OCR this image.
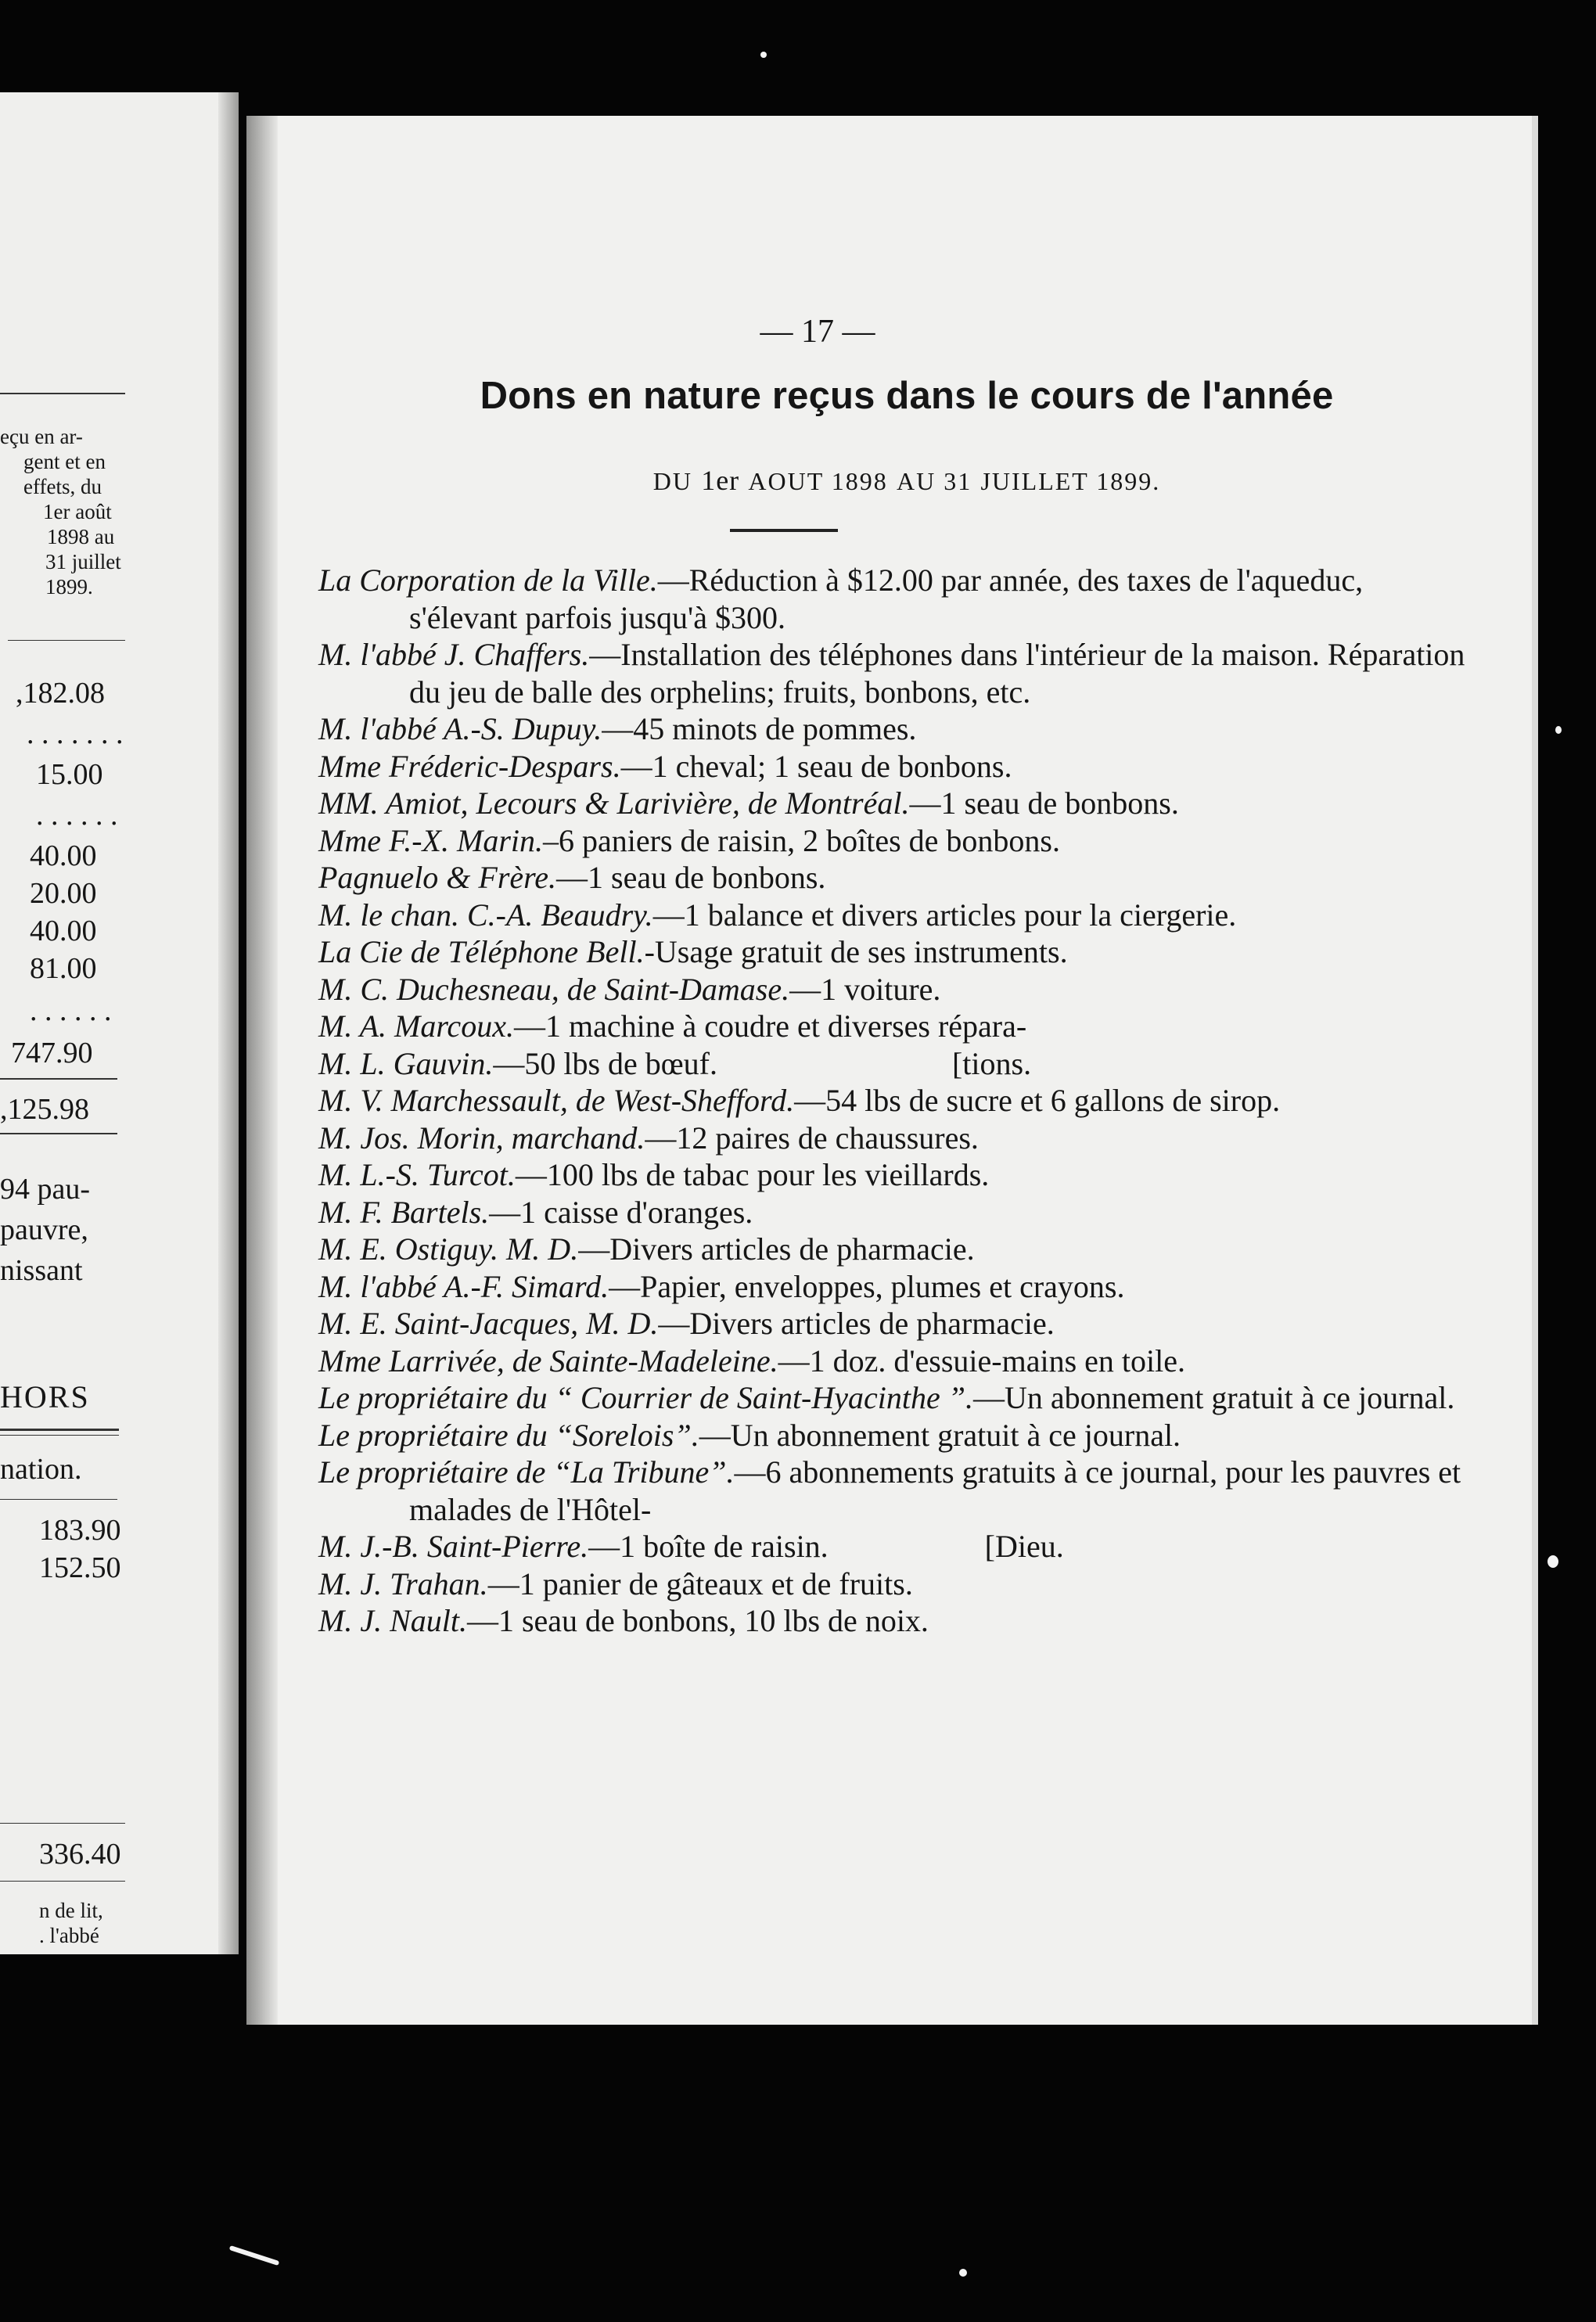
eçu en ar-
gent et en
effets, du
1er août
1898 au
31 juillet
1899.
,182.08
. . . . . . .
15.00
. . . . . .
40.00
20.00
40.00
81.00
. . . . . .
747.90
,125.98
94 pau-
pauvre,
nissant
HORS
nation.
183.90
152.50
336.40
n de lit,
. l'abbé
— 17 —
Dons en nature reçus dans le cours de l'année
DU 1er AOUT 1898 AU 31 JUILLET 1899.
La Corporation de la Ville.—Réduction à $12.00 par année, des taxes de l'aqueduc, s'élevant parfois jusqu'à $300.
M. l'abbé J. Chaffers.—Installation des téléphones dans l'intérieur de la maison. Réparation du jeu de balle des orphelins; fruits, bonbons, etc.
M. l'abbé A.-S. Dupuy.—45 minots de pommes.
Mme Fréderic-Despars.—1 cheval; 1 seau de bonbons.
MM. Amiot, Lecours & Larivière, de Montréal.—1 seau de bonbons.
Mme F.-X. Marin.–6 paniers de raisin, 2 boîtes de bonbons.
Pagnuelo & Frère.—1 seau de bonbons.
M. le chan. C.-A. Beaudry.—1 balance et divers articles pour la ciergerie.
La Cie de Téléphone Bell.-Usage gratuit de ses instruments.
M. C. Duchesneau, de Saint-Damase.—1 voiture.
M. A. Marcoux.—1 machine à coudre et diverses répara-
M. L. Gauvin.—50 lbs de bœuf.                              [tions.
M. V. Marchessault, de West-Shefford.—54 lbs de sucre et 6 gallons de sirop.
M. Jos. Morin, marchand.—12 paires de chaussures.
M. L.-S. Turcot.—100 lbs de tabac pour les vieillards.
M. F. Bartels.—1 caisse d'oranges.
M. E. Ostiguy. M. D.—Divers articles de pharmacie.
M. l'abbé A.-F. Simard.—Papier, enveloppes, plumes et crayons.
M. E. Saint-Jacques, M. D.—Divers articles de pharmacie.
Mme Larrivée, de Sainte-Madeleine.—1 doz. d'essuie-mains en toile.
Le propriétaire du “ Courrier de Saint-Hyacinthe ”.—Un abonnement gratuit à ce journal.
Le propriétaire du “Sorelois”.—Un abonnement gratuit à ce journal.
Le propriétaire de “La Tribune”.—6 abonnements gratuits à ce journal, pour les pauvres et malades de l'Hôtel-
M. J.-B. Saint-Pierre.—1 boîte de raisin.                    [Dieu.
M. J. Trahan.—1 panier de gâteaux et de fruits.
M. J. Nault.—1 seau de bonbons, 10 lbs de noix.
